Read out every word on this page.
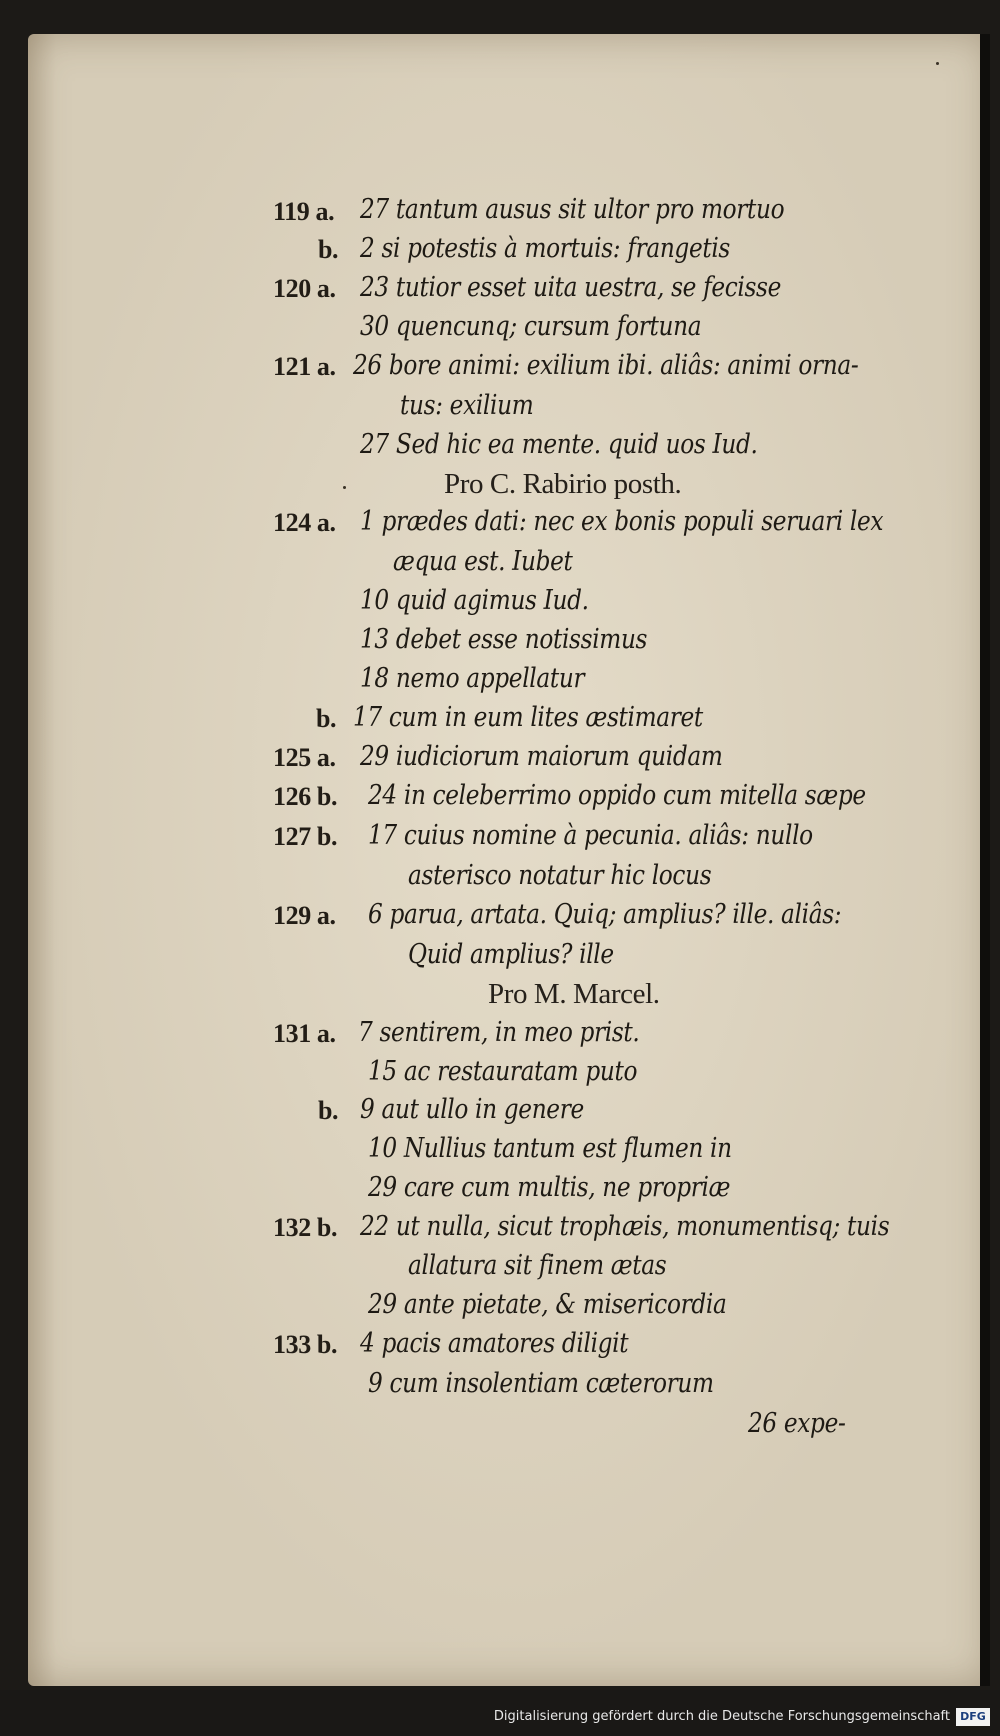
119 a. 27 tantum ausus sit ultor pro mortuo
b. 2 si potestis à mortuis: frangetis
120 a. 23 tutior esset uita uestra, se fecisse
30 quencunq; cursum fortuna
121 a. 26 bore animi: exilium ibi. aliâs: animi orna-
tus: exilium
27 Sed hic ea mente. quid uos Iud.
Pro C. Rabirio posth.
124 a. 1 prædes dati: nec ex bonis populi seruari lex
æqua est. Iubet
10 quid agimus Iud.
13 debet esse notissimus
18 nemo appellatur
b. 17 cum in eum lites æstimaret
125 a. 29 iudiciorum maiorum quidam
126 b. 24 in celeberrimo oppido cum mitella sæpe
127 b. 17 cuius nomine à pecunia. aliâs: nullo
asterisco notatur hic locus
129 a. 6 parua, artata. Quiq; amplius? ille. aliâs:
Quid amplius? ille
Pro M. Marcel.
131 a. 7 sentirem, in meo prist.
15 ac restauratam puto
b. 9 aut ullo in genere
10 Nullius tantum est flumen in
29 care cum multis, ne propriæ
132 b. 22 ut nulla, sicut trophæis, monumentisq; tuis
allatura sit finem ætas
29 ante pietate, & misericordia
133 b. 4 pacis amatores diligit
9 cum insolentiam cæterorum
26 expe-
Digitalisierung gefördert durch die Deutsche Forschungsgemeinschaft DFG
